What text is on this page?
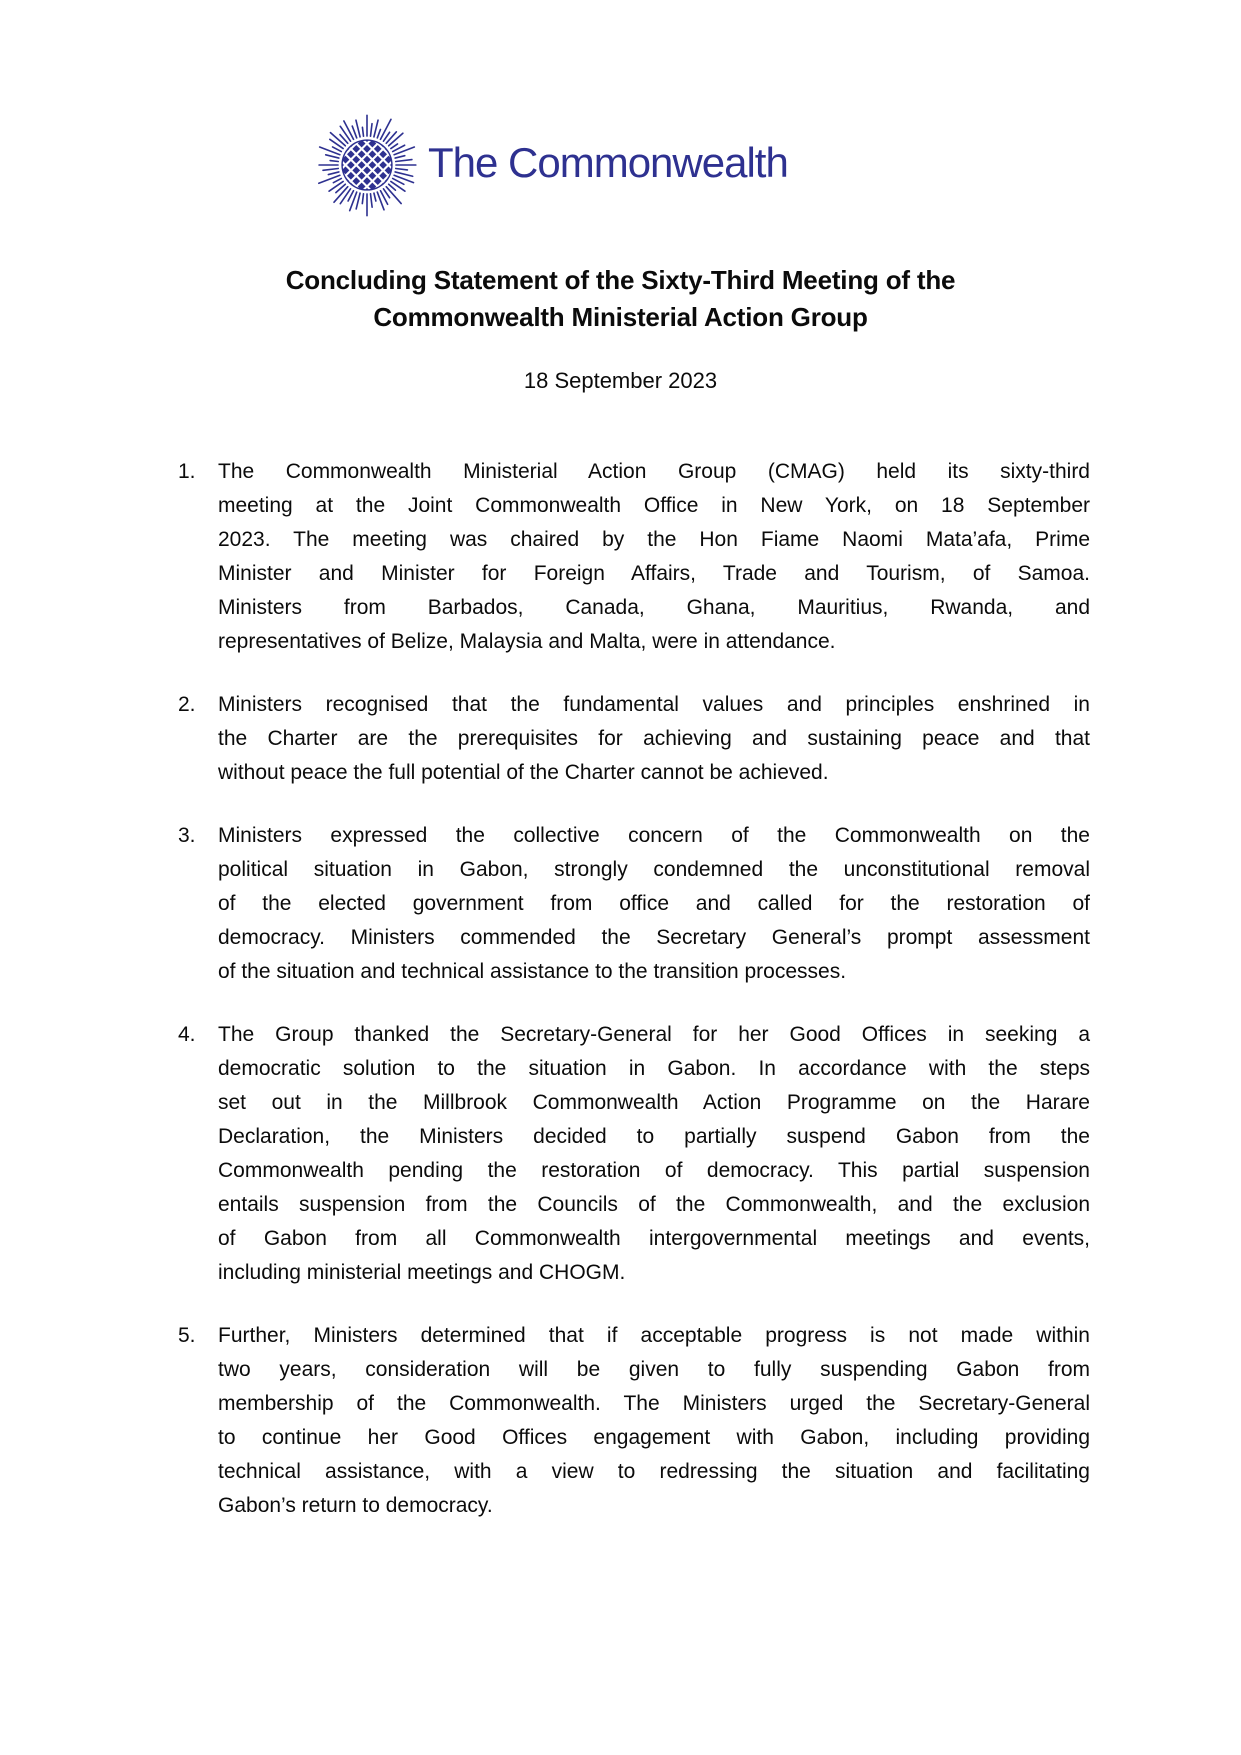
The Commonwealth
Concluding Statement of the Sixty-Third Meeting of the
Commonwealth Ministerial Action Group
18 September 2023
1.	The Commonwealth Ministerial Action Group (CMAG) held its sixty-third
meeting at the Joint Commonwealth Office in New York, on 18 September
2023. The meeting was chaired by the Hon Fiame Naomi Mata’afa, Prime
Minister and Minister for Foreign Affairs, Trade and Tourism, of Samoa.
Ministers from Barbados, Canada, Ghana, Mauritius, Rwanda, and
representatives of Belize, Malaysia and Malta, were in attendance.
2.	Ministers recognised that the fundamental values and principles enshrined in
the Charter are the prerequisites for achieving and sustaining peace and that
without peace the full potential of the Charter cannot be achieved.
3.	Ministers expressed the collective concern of the Commonwealth on the
political situation in Gabon, strongly condemned the unconstitutional removal
of the elected government from office and called for the restoration of
democracy. Ministers commended the Secretary General’s prompt assessment
of the situation and technical assistance to the transition processes.
4.	The Group thanked the Secretary-General for her Good Offices in seeking a
democratic solution to the situation in Gabon. In accordance with the steps
set out in the Millbrook Commonwealth Action Programme on the Harare
Declaration, the Ministers decided to partially suspend Gabon from the
Commonwealth pending the restoration of democracy. This partial suspension
entails suspension from the Councils of the Commonwealth, and the exclusion
of Gabon from all Commonwealth intergovernmental meetings and events,
including ministerial meetings and CHOGM.
5.	Further, Ministers determined that if acceptable progress is not made within
two years, consideration will be given to fully suspending Gabon from
membership of the Commonwealth. The Ministers urged the Secretary-General
to continue her Good Offices engagement with Gabon, including providing
technical assistance, with a view to redressing the situation and facilitating
Gabon’s return to democracy.
